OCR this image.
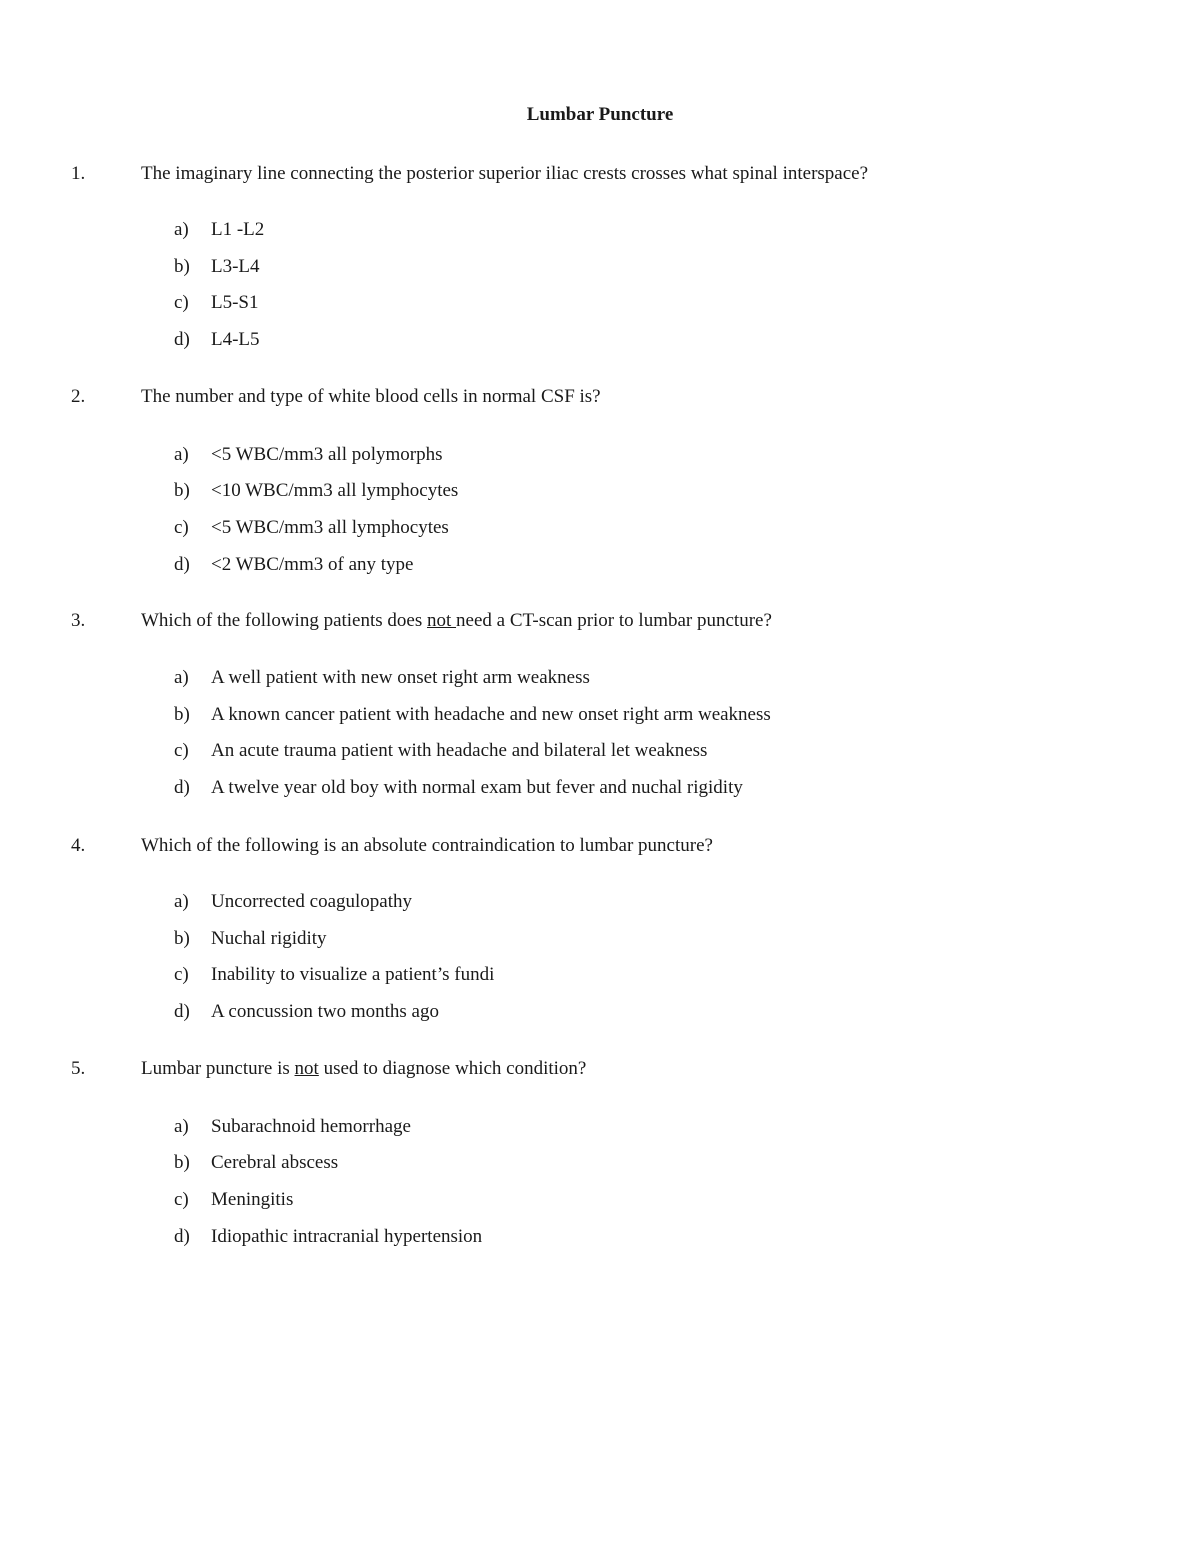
Lumbar Puncture
1.	The imaginary line connecting the posterior superior iliac crests crosses what spinal interspace?
a) L1 -L2
b) L3-L4
c) L5-S1
d) L4-L5
2.	The number and type of white blood cells in normal CSF is?
a) <5 WBC/mm3 all polymorphs
b) <10 WBC/mm3 all lymphocytes
c) <5 WBC/mm3 all lymphocytes
d) <2 WBC/mm3 of any type
3.	Which of the following patients does not need a CT-scan prior to lumbar puncture?
a) A well patient with new onset right arm weakness
b) A known cancer patient with headache and new onset right arm weakness
c) An acute trauma patient with headache and bilateral let weakness
d) A twelve year old boy with normal exam but fever and nuchal rigidity
4.	Which of the following is an absolute contraindication to lumbar puncture?
a) Uncorrected coagulopathy
b) Nuchal rigidity
c) Inability to visualize a patient’s fundi
d) A concussion two months ago
5.	Lumbar puncture is not used to diagnose which condition?
a) Subarachnoid hemorrhage
b) Cerebral abscess
c) Meningitis
d) Idiopathic intracranial hypertension
